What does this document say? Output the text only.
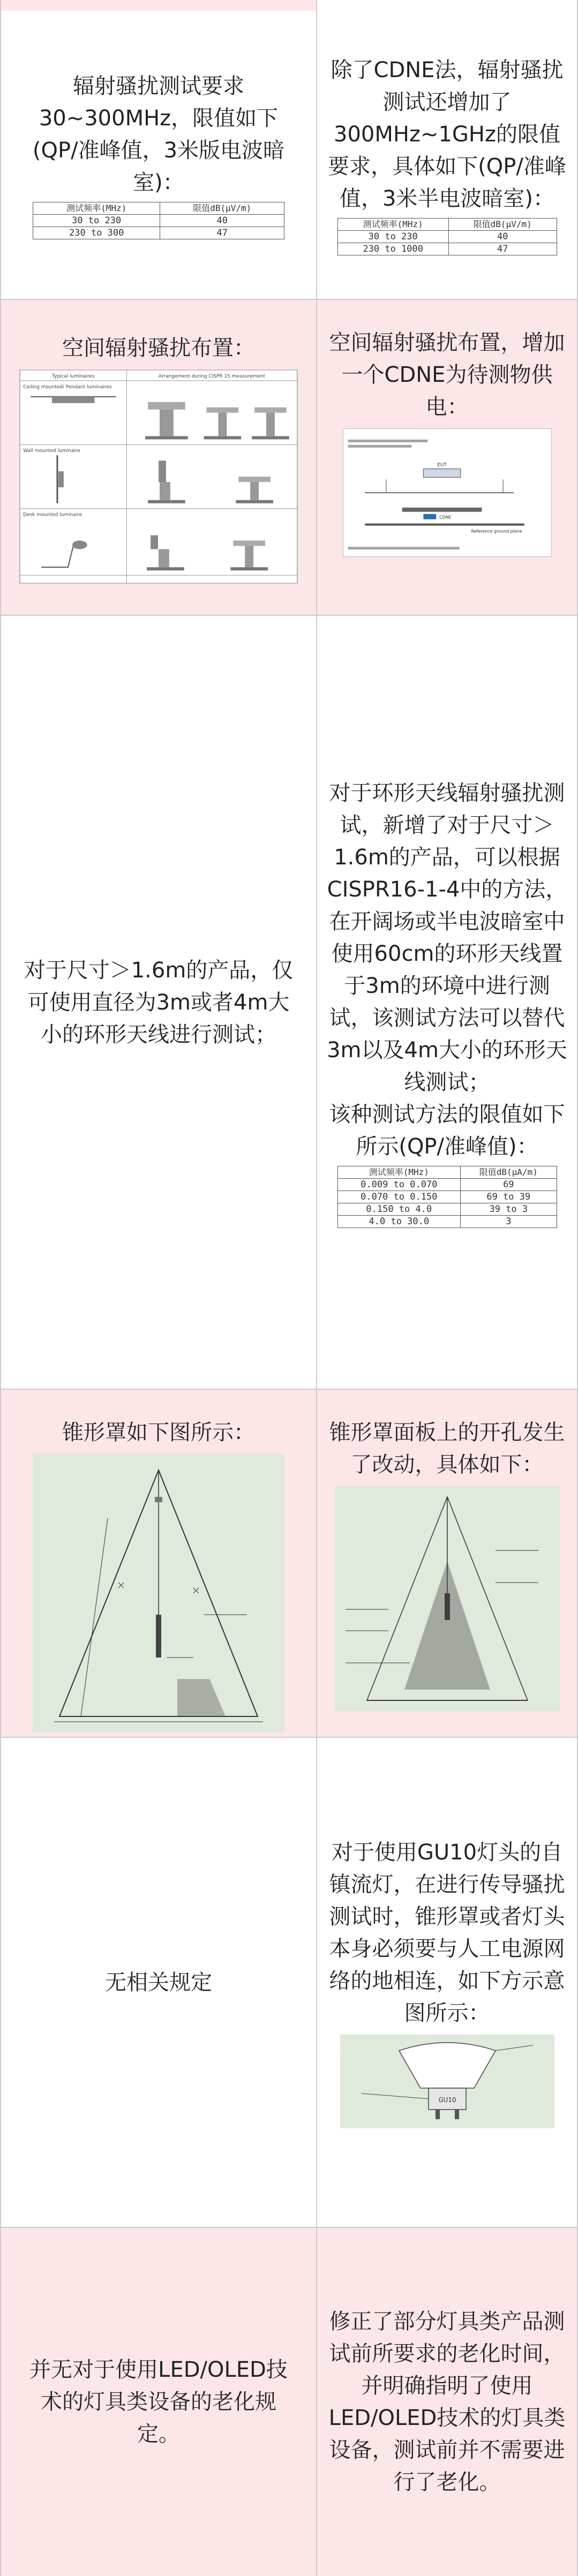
辐射骚扰测试要求30~300MHz，限值如下(QP/准峰值，3米版电波暗室)：

测试频率(MHz)	限值dB(μV/m)
30 to 230	40
230 to 300	47

除了CDNE法，辐射骚扰测试还增加了300MHz~1GHz的限值要求，具体如下(QP/准峰值，3米半电波暗室)：

测试频率(MHz)	限值dB(μV/m)
30 to 230	40
230 to 1000	47

空间辐射骚扰布置：

Typical luminaires	Arrangement during CISPR 15 measurement
Ceiling mounted/ Pendant luminaires
Wall mounted luminaire
Desk mounted luminaire

空间辐射骚扰布置，增加一个CDNE为待测物供电：

EUT
CDNE
Reference ground plane

对于尺寸＞1.6m的产品，仅可使用直径为3m或者4m大小的环形天线进行测试；

对于环形天线辐射骚扰测试，新增了对于尺寸＞1.6m的产品，可以根据CISPR16-1-4中的方法，在开阔场或半电波暗室中使用60cm的环形天线置于3m的环境中进行测试，该测试方法可以替代3m以及4m大小的环形天线测试；
该种测试方法的限值如下所示(QP/准峰值)：

测试频率(MHz)	限值dB(μA/m)
0.009 to 0.070	69
0.070 to 0.150	69 to 39
0.150 to 4.0	39 to 3
4.0 to 30.0	3

锥形罩如下图所示：	锥形罩面板上的开孔发生了改动，具体如下：

无相关规定

对于使用GU10灯头的自镇流灯，在进行传导骚扰测试时，锥形罩或者灯头本身必须要与人工电源网络的地相连，如下方示意图所示：

GU10

并无对于使用LED/OLED技术的灯具类设备的老化规定。

修正了部分灯具类产品测试前所要求的老化时间，并明确指明了使用LED/OLED技术的灯具类设备，测试前并不需要进行了老化。
